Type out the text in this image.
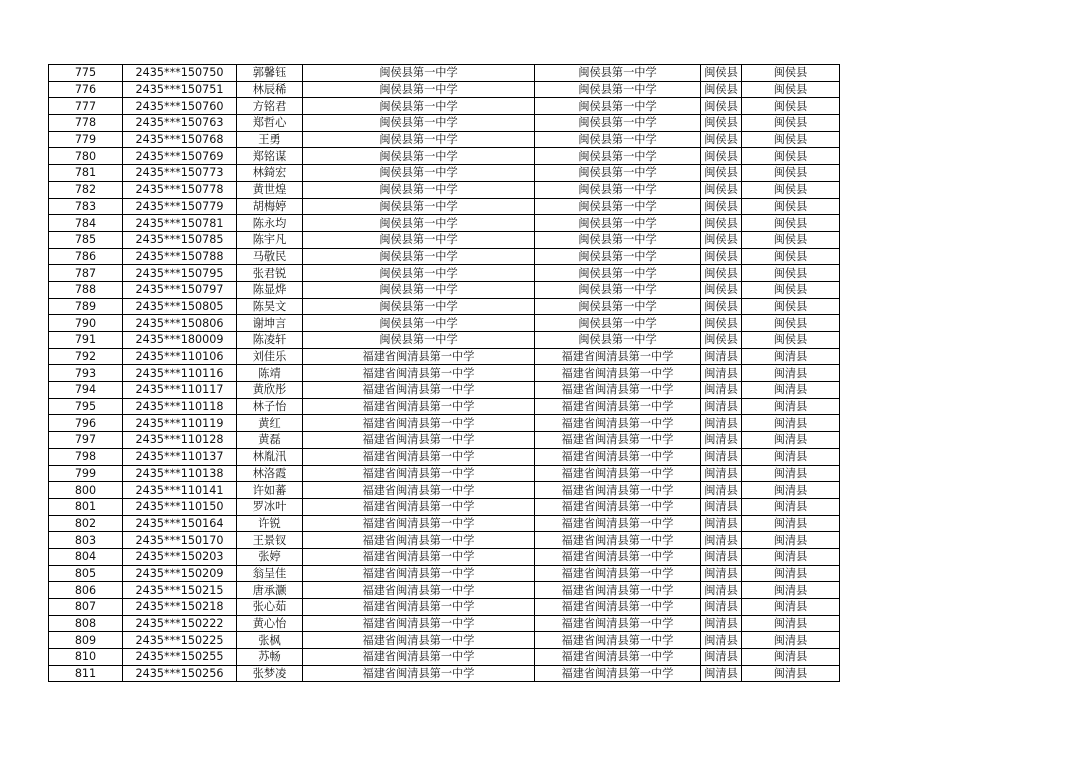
775	2435***150750	郭馨钰	闽侯县第一中学	闽侯县第一中学	闽侯县	闽侯县
776	2435***150751	林辰稀	闽侯县第一中学	闽侯县第一中学	闽侯县	闽侯县
777	2435***150760	方铭君	闽侯县第一中学	闽侯县第一中学	闽侯县	闽侯县
778	2435***150763	郑哲心	闽侯县第一中学	闽侯县第一中学	闽侯县	闽侯县
779	2435***150768	王勇	闽侯县第一中学	闽侯县第一中学	闽侯县	闽侯县
780	2435***150769	郑铭谋	闽侯县第一中学	闽侯县第一中学	闽侯县	闽侯县
781	2435***150773	林錡宏	闽侯县第一中学	闽侯县第一中学	闽侯县	闽侯县
782	2435***150778	黄世煌	闽侯县第一中学	闽侯县第一中学	闽侯县	闽侯县
783	2435***150779	胡梅婷	闽侯县第一中学	闽侯县第一中学	闽侯县	闽侯县
784	2435***150781	陈永均	闽侯县第一中学	闽侯县第一中学	闽侯县	闽侯县
785	2435***150785	陈宇凡	闽侯县第一中学	闽侯县第一中学	闽侯县	闽侯县
786	2435***150788	马敬民	闽侯县第一中学	闽侯县第一中学	闽侯县	闽侯县
787	2435***150795	张君锐	闽侯县第一中学	闽侯县第一中学	闽侯县	闽侯县
788	2435***150797	陈显烨	闽侯县第一中学	闽侯县第一中学	闽侯县	闽侯县
789	2435***150805	陈昊文	闽侯县第一中学	闽侯县第一中学	闽侯县	闽侯县
790	2435***150806	谢坤言	闽侯县第一中学	闽侯县第一中学	闽侯县	闽侯县
791	2435***180009	陈凌轩	闽侯县第一中学	闽侯县第一中学	闽侯县	闽侯县
792	2435***110106	刘佳乐	福建省闽清县第一中学	福建省闽清县第一中学	闽清县	闽清县
793	2435***110116	陈靖	福建省闽清县第一中学	福建省闽清县第一中学	闽清县	闽清县
794	2435***110117	黄欣彤	福建省闽清县第一中学	福建省闽清县第一中学	闽清县	闽清县
795	2435***110118	林子怡	福建省闽清县第一中学	福建省闽清县第一中学	闽清县	闽清县
796	2435***110119	黄红	福建省闽清县第一中学	福建省闽清县第一中学	闽清县	闽清县
797	2435***110128	黄磊	福建省闽清县第一中学	福建省闽清县第一中学	闽清县	闽清县
798	2435***110137	林胤汛	福建省闽清县第一中学	福建省闽清县第一中学	闽清县	闽清县
799	2435***110138	林洛霞	福建省闽清县第一中学	福建省闽清县第一中学	闽清县	闽清县
800	2435***110141	许如蕃	福建省闽清县第一中学	福建省闽清县第一中学	闽清县	闽清县
801	2435***110150	罗冰叶	福建省闽清县第一中学	福建省闽清县第一中学	闽清县	闽清县
802	2435***150164	许锐	福建省闽清县第一中学	福建省闽清县第一中学	闽清县	闽清县
803	2435***150170	王景钗	福建省闽清县第一中学	福建省闽清县第一中学	闽清县	闽清县
804	2435***150203	张婷	福建省闽清县第一中学	福建省闽清县第一中学	闽清县	闽清县
805	2435***150209	翁呈佳	福建省闽清县第一中学	福建省闽清县第一中学	闽清县	闽清县
806	2435***150215	唐承灏	福建省闽清县第一中学	福建省闽清县第一中学	闽清县	闽清县
807	2435***150218	张心茹	福建省闽清县第一中学	福建省闽清县第一中学	闽清县	闽清县
808	2435***150222	黄心怡	福建省闽清县第一中学	福建省闽清县第一中学	闽清县	闽清县
809	2435***150225	张枫	福建省闽清县第一中学	福建省闽清县第一中学	闽清县	闽清县
810	2435***150255	苏畅	福建省闽清县第一中学	福建省闽清县第一中学	闽清县	闽清县
811	2435***150256	张梦凌	福建省闽清县第一中学	福建省闽清县第一中学	闽清县	闽清县
